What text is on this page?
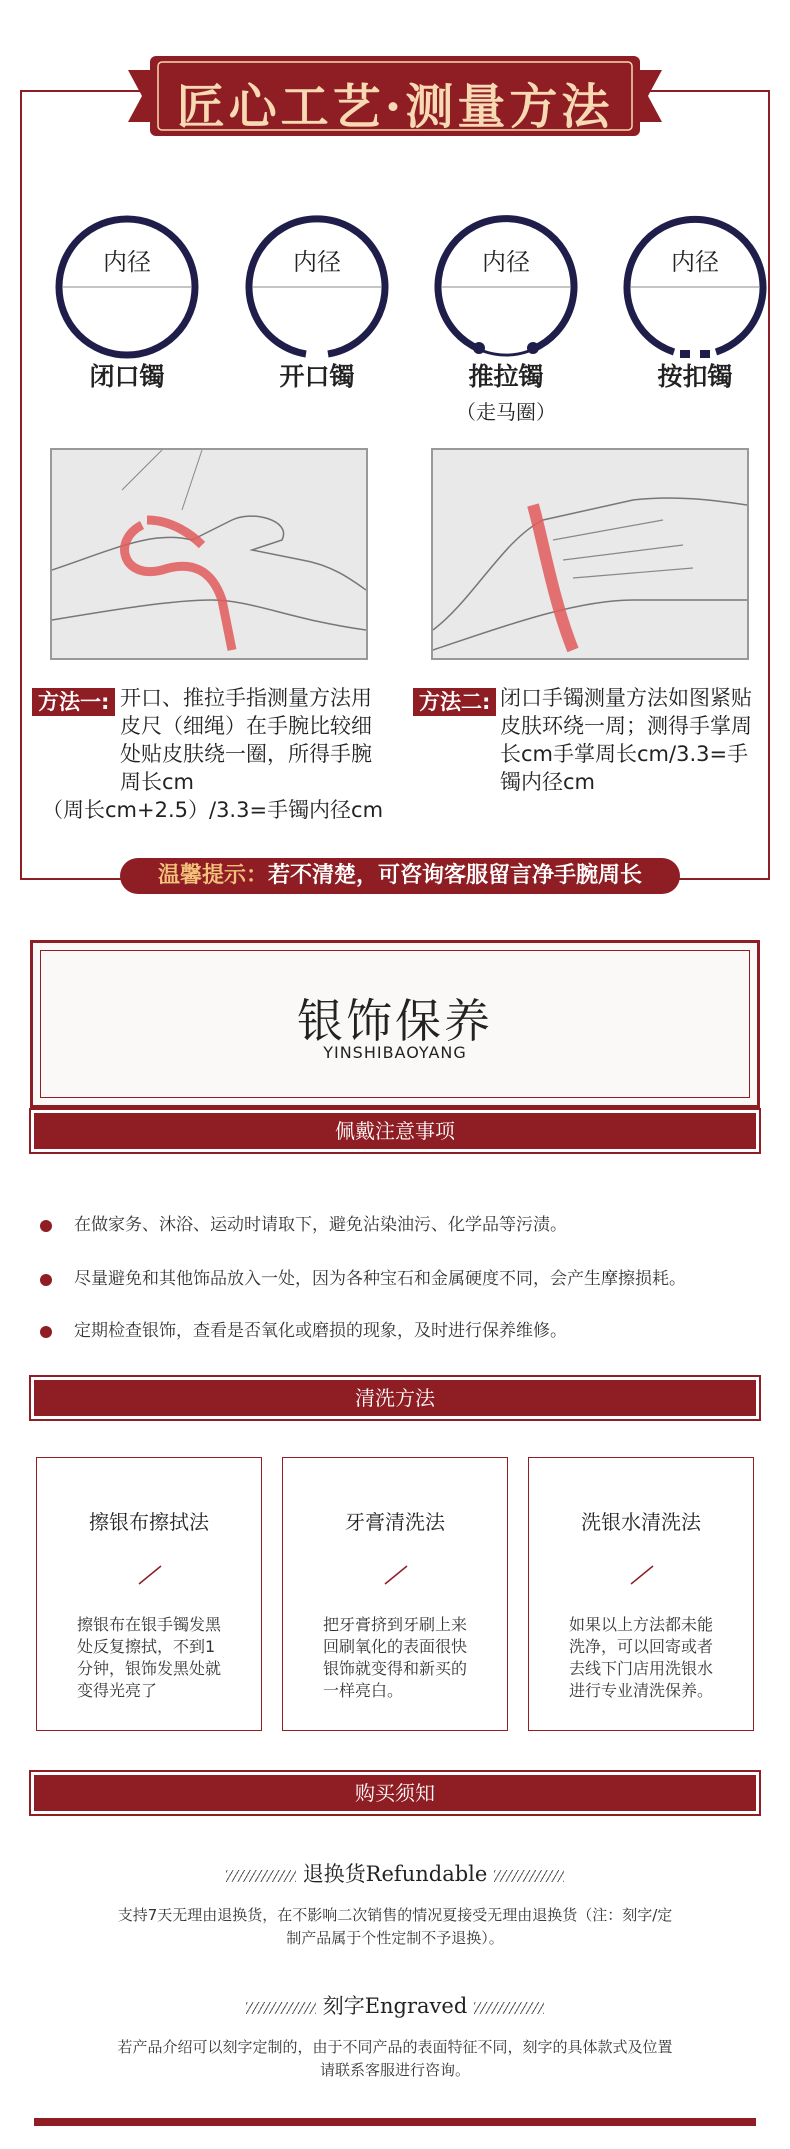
匠心工艺·测量方法
内径	内径	内径	内径
闭口镯	开口镯	推拉镯
（走马圈）
按扣镯
方法一: 开口、推拉手指测量方法用
皮尺（细绳）在手腕比较细
处贴皮肤绕一圈，所得手腕
周长cm
（周长cm+2.5）/3.3=手镯内径cm
方法二: 闭口手镯测量方法如图紧贴
皮肤环绕一周；测得手掌周
长cm手掌周长cm/3.3=手
镯内径cm
温馨提示：若不清楚，可咨询客服留言净手腕周长
银饰保养
YINSHIBAOYANG
佩戴注意事项
在做家务、沐浴、运动时请取下，避免沾染油污、化学品等污渍。
尽量避免和其他饰品放入一处，因为各种宝石和金属硬度不同，会产生摩擦损耗。
定期检查银饰，查看是否氧化或磨损的现象，及时进行保养维修。
清洗方法
擦银布擦拭法
擦银布在银手镯发黑处反复擦拭，不到1分钟，银饰发黑处就变得光亮了
牙膏清洗法
把牙膏挤到牙刷上来回刷氧化的表面很快银饰就变得和新买的一样亮白。
洗银水清洗法
如果以上方法都未能洗净，可以回寄或者去线下门店用洗银水进行专业清洗保养。
购买须知
退换货Refundable
支持7天无理由退换货，在不影响二次销售的情况夏接受无理由退换货（注：刻字/定
制产品属于个性定制不予退换）。
刻字Engraved
若产品介绍可以刻字定制的，由于不同产品的表面特征不同，刻字的具体款式及位置
请联系客服进行咨询。
